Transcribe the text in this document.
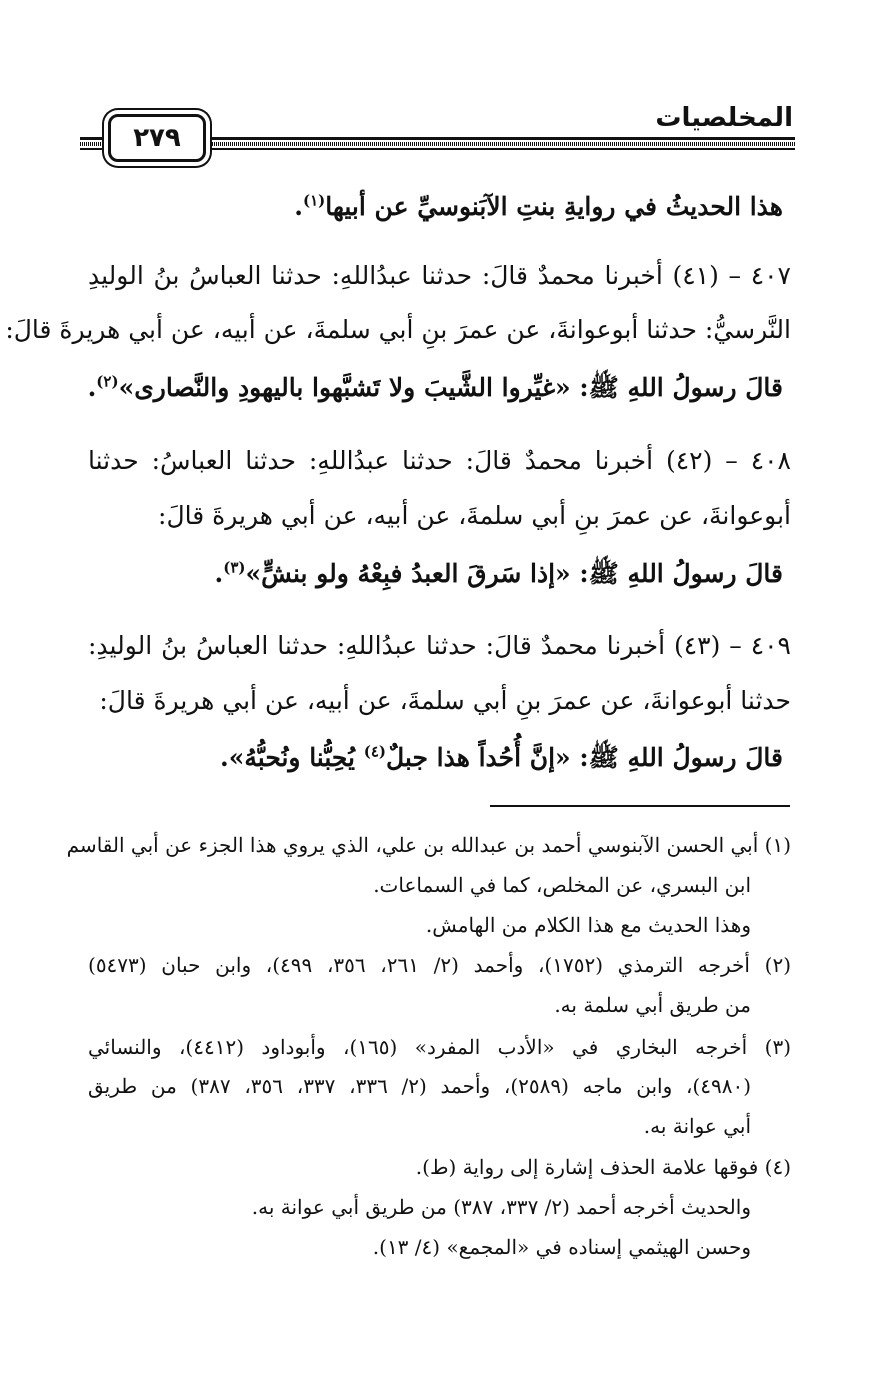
المخلصيات
٢٧٩
هذا الحديثُ في روايةِ بنتِ الآبَنوسيِّ عن أبيها$^{(١)}$.
٤٠٧ – (٤١) أخبرنا محمدٌ قالَ: حدثنا عبدُاللهِ: حدثنا العباسُ بنُ الوليدِ
النَّرسيُّ: حدثنا أبوعوانةَ، عن عمرَ بنِ أبي سلمةَ، عن أبيه، عن أبي هريرةَ قالَ:
قالَ رسولُ اللهِ ﷺ: «غيِّروا الشَّيبَ ولا تَشبَّهوا باليهودِ والنَّصارى»$^{(٢)}$.
٤٠٨ – (٤٢) أخبرنا محمدٌ قالَ: حدثنا عبدُاللهِ: حدثنا العباسُ: حدثنا
أبوعوانةَ، عن عمرَ بنِ أبي سلمةَ، عن أبيه، عن أبي هريرةَ قالَ:
قالَ رسولُ اللهِ ﷺ: «إذا سَرقَ العبدُ فبِعْهُ ولو بنشٍّ»$^{(٣)}$.
٤٠٩ – (٤٣) أخبرنا محمدٌ قالَ: حدثنا عبدُاللهِ: حدثنا العباسُ بنُ الوليدِ:
حدثنا أبوعوانةَ، عن عمرَ بنِ أبي سلمةَ، عن أبيه، عن أبي هريرةَ قالَ:
قالَ رسولُ اللهِ ﷺ: «إنَّ أُحُداً هذا جبلٌ$^{(٤)}$ يُحِبُّنا ونُحبُّهُ».
(١) أبي الحسن الآبنوسي أحمد بن عبدالله بن علي، الذي يروي هذا الجزء عن أبي القاسم
ابن البسري، عن المخلص، كما في السماعات.
وهذا الحديث مع هذا الكلام من الهامش.
(٢) أخرجه الترمذي (١٧٥٢)، وأحمد (٢/ ٢٦١، ٣٥٦، ٤٩٩)، وابن حبان (٥٤٧٣)
من طريق أبي سلمة به.
(٣) أخرجه البخاري في «الأدب المفرد» (١٦٥)، وأبوداود (٤٤١٢)، والنسائي
(٤٩٨٠)، وابن ماجه (٢٥٨٩)، وأحمد (٢/ ٣٣٦، ٣٣٧، ٣٥٦، ٣٨٧) من طريق
أبي عوانة به.
(٤) فوقها علامة الحذف إشارة إلى رواية (ط).
والحديث أخرجه أحمد (٢/ ٣٣٧، ٣٨٧) من طريق أبي عوانة به.
وحسن الهيثمي إسناده في «المجمع» (٤/ ١٣).
